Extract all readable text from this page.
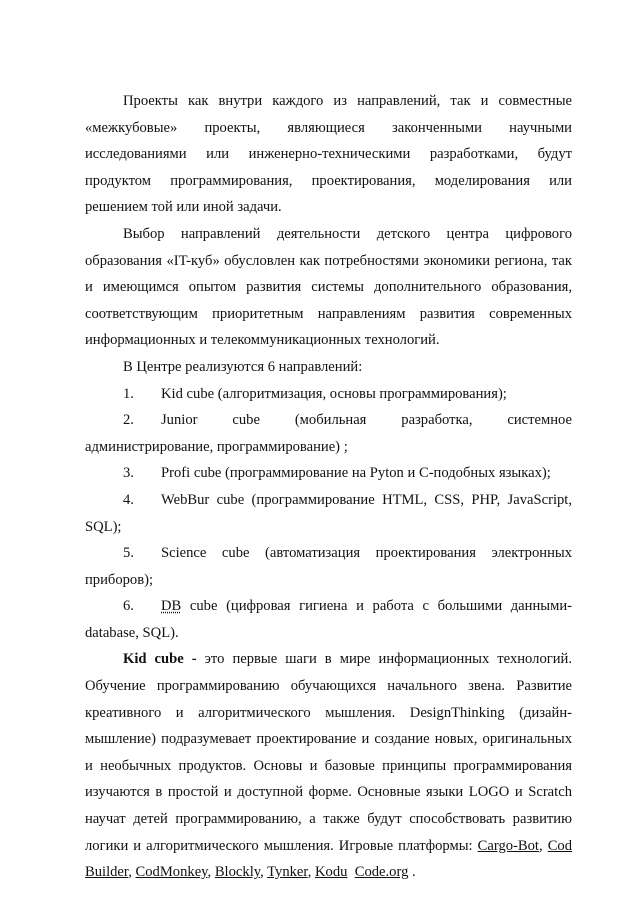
Проекты как внутри каждого из направлений, так и совместные «межкубовые» проекты, являющиеся законченными научными исследованиями или инженерно-техническими разработками, будут продуктом программирования, проектирования, моделирования или решением той или иной задачи.

Выбор направлений деятельности детского центра цифрового образования «IT-куб» обусловлен как потребностями экономики региона, так и имеющимся опытом развития системы дополнительного образования, соответствующим приоритетным направлениям развития современных информационных и телекоммуникационных технологий.

В Центре реализуются 6 направлений:

1. Kid cube (алгоритмизация, основы программирования);

2. Junior cube (мобильная разработка, системное администрирование, программирование) ;

3. Profi cube (программирование на Pyton и С-подобных языках);

4. WebBur cube (программирование HTML, CSS, PHP, JavaScript, SQL);

5. Science cube (автоматизация проектирования электронных приборов);

6. DB cube (цифровая гигиена и работа с большими данными- database, SQL).

Kid cube - это первые шаги в мире информационных технологий. Обучение программированию обучающихся начального звена. Развитие креативного и алгоритмического мышления. DesignThinking (дизайн-мышление) подразумевает проектирование и создание новых, оригинальных и необычных продуктов. Основы и базовые принципы программирования изучаются в простой и доступной форме. Основные языки LOGO и Scratch научат детей программированию, а также будут способствовать развитию логики и алгоритмического мышления. Игровые платформы: Cargo-Bot, Cod Builder, CodMonkey, Blockly, Tynker, Kodu Code.org .
